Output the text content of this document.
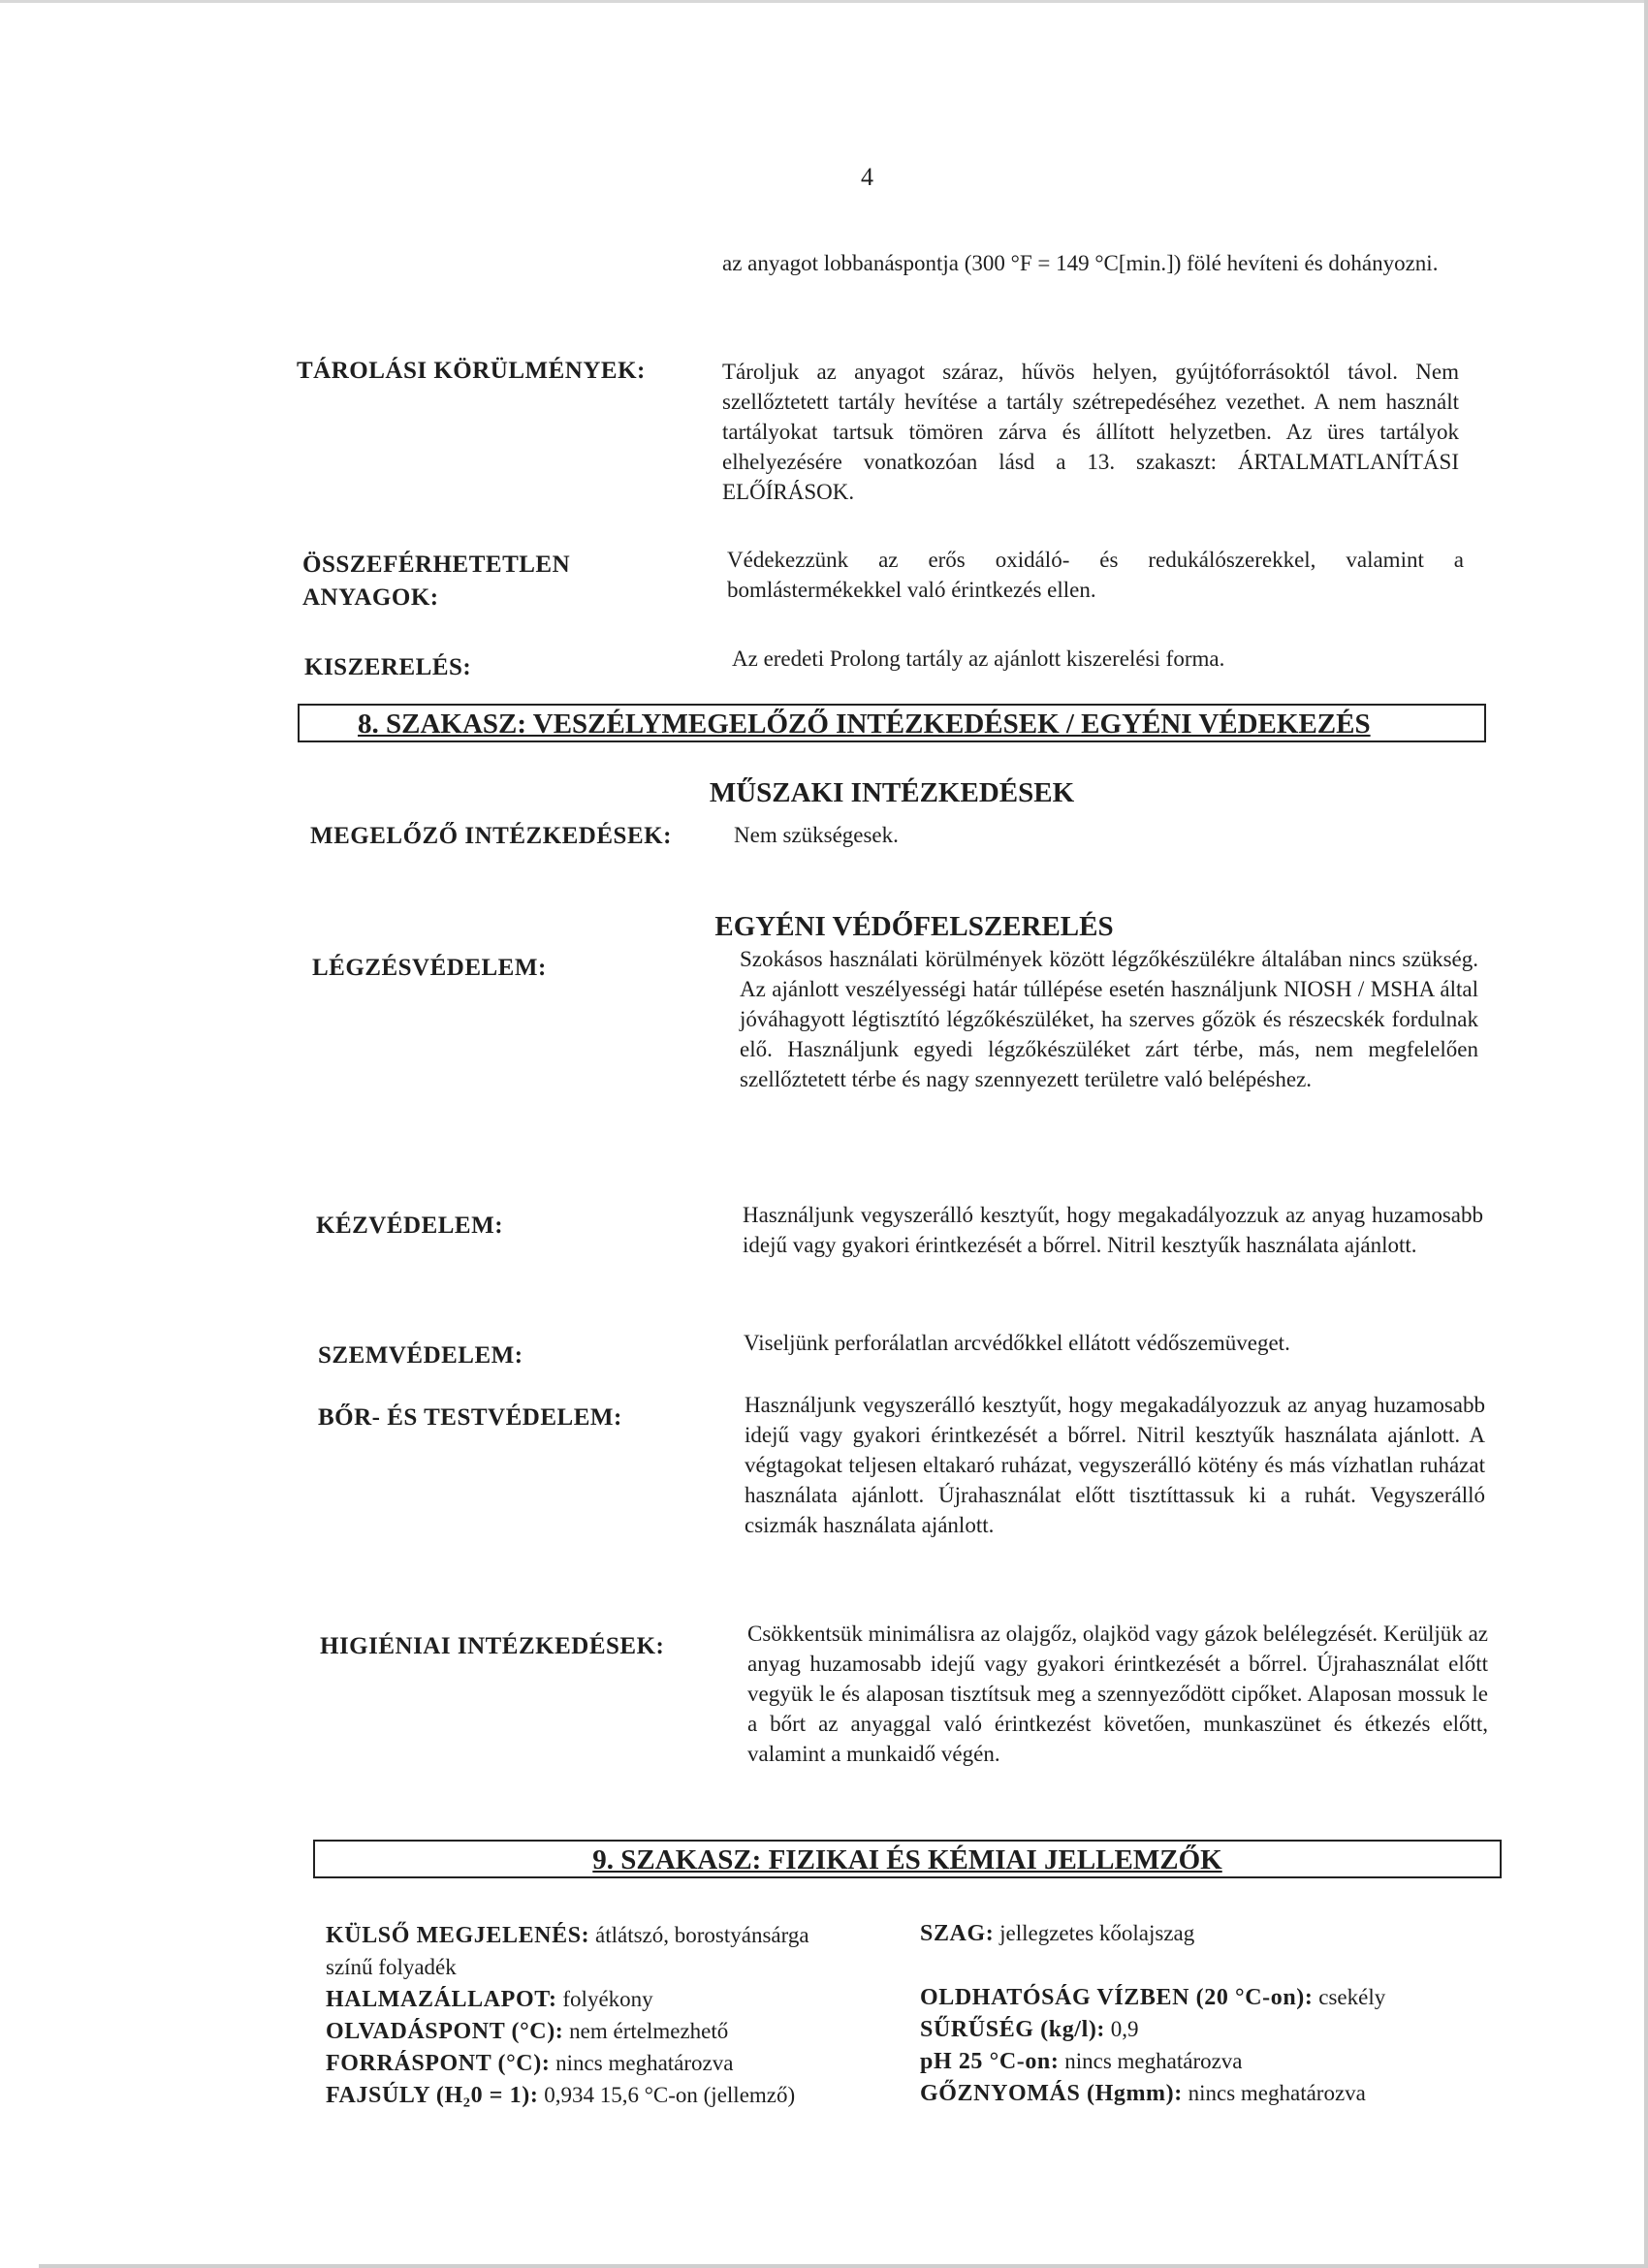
4
az anyagot lobbanáspontja (300 °F = 149 °C[min.]) fölé hevíteni és dohányozni.
TÁROLÁSI KÖRÜLMÉNYEK:	Tároljuk az anyagot száraz, hűvös helyen, gyújtóforrásoktól távol. Nem szellőztetett tartály hevítése a tartály szétrepedéséhez vezethet. A nem használt tartályokat tartsuk tömören zárva és állított helyzetben. Az üres tartályok elhelyezésére vonatkozóan lásd a 13. szakaszt: ÁRTALMATLANÍTÁSI ELŐÍRÁSOK.
ÖSSZEFÉRHETETLEN ANYAGOK:
Védekezzünk az erős oxidáló- és redukálószerekkel, valamint a bomlástermékekkel való érintkezés ellen.
KISZERELÉS:	Az eredeti Prolong tartály az ajánlott kiszerelési forma.
8. SZAKASZ: VESZÉLYMEGELŐZŐ INTÉZKEDÉSEK / EGYÉNI VÉDEKEZÉS
MŰSZAKI INTÉZKEDÉSEK
MEGELŐZŐ INTÉZKEDÉSEK:	Nem szükségesek.
EGYÉNI VÉDŐFELSZERELÉS
LÉGZÉSVÉDELEM:	Szokásos használati körülmények között légzőkészülékre általában nincs szükség. Az ajánlott veszélyességi határ túllépése esetén használjunk NIOSH / MSHA által jóváhagyott légtisztító légzőkészüléket, ha szerves gőzök és részecskék fordulnak elő. Használjunk egyedi légzőkészüléket zárt térbe, más, nem megfelelően szellőztetett térbe és nagy szennyezett területre való belépéshez.
KÉZVÉDELEM:	Használjunk vegyszerálló kesztyűt, hogy megakadályozzuk az anyag huzamosabb idejű vagy gyakori érintkezését a bőrrel. Nitril kesztyűk használata ajánlott.
SZEMVÉDELEM:	Viseljünk perforálatlan arcvédőkkel ellátott védőszemüveget.
BŐR- ÉS TESTVÉDELEM:	Használjunk vegyszerálló kesztyűt, hogy megakadályozzuk az anyag huzamosabb idejű vagy gyakori érintkezését a bőrrel. Nitril kesztyűk használata ajánlott. A végtagokat teljesen eltakaró ruházat, vegyszerálló kötény és más vízhatlan ruházat használata ajánlott. Újrahasználat előtt tisztíttassuk ki a ruhát. Vegyszerálló csizmák használata ajánlott.
HIGIÉNIAI INTÉZKEDÉSEK:	Csökkentsük minimálisra az olajgőz, olajköd vagy gázok belélegzését. Kerüljük az anyag huzamosabb idejű vagy gyakori érintkezését a bőrrel. Újrahasználat előtt vegyük le és alaposan tisztítsuk meg a szennyeződött cipőket. Alaposan mossuk le a bőrt az anyaggal való érintkezést követően, munkaszünet és étkezés előtt, valamint a munkaidő végén.
9. SZAKASZ: FIZIKAI ÉS KÉMIAI JELLEMZŐK
KÜLSŐ MEGJELENÉS: átlátszó, borostyánsárga
színű folyadék
HALMAZÁLLAPOT: folyékony
OLVADÁSPONT (°C): nem értelmezhető
FORRÁSPONT (°C): nincs meghatározva
FAJSÚLY (H₂0 = 1): 0,934 15,6 °C-on (jellemző)
SZAG: jellegzetes kőolajszag
OLDHATÓSÁG VÍZBEN (20 °C-on): csekély
SŰRŰSÉG (kg/l): 0,9
pH 25 °C-on: nincs meghatározva
GŐZNYOMÁS (Hgmm): nincs meghatározva
